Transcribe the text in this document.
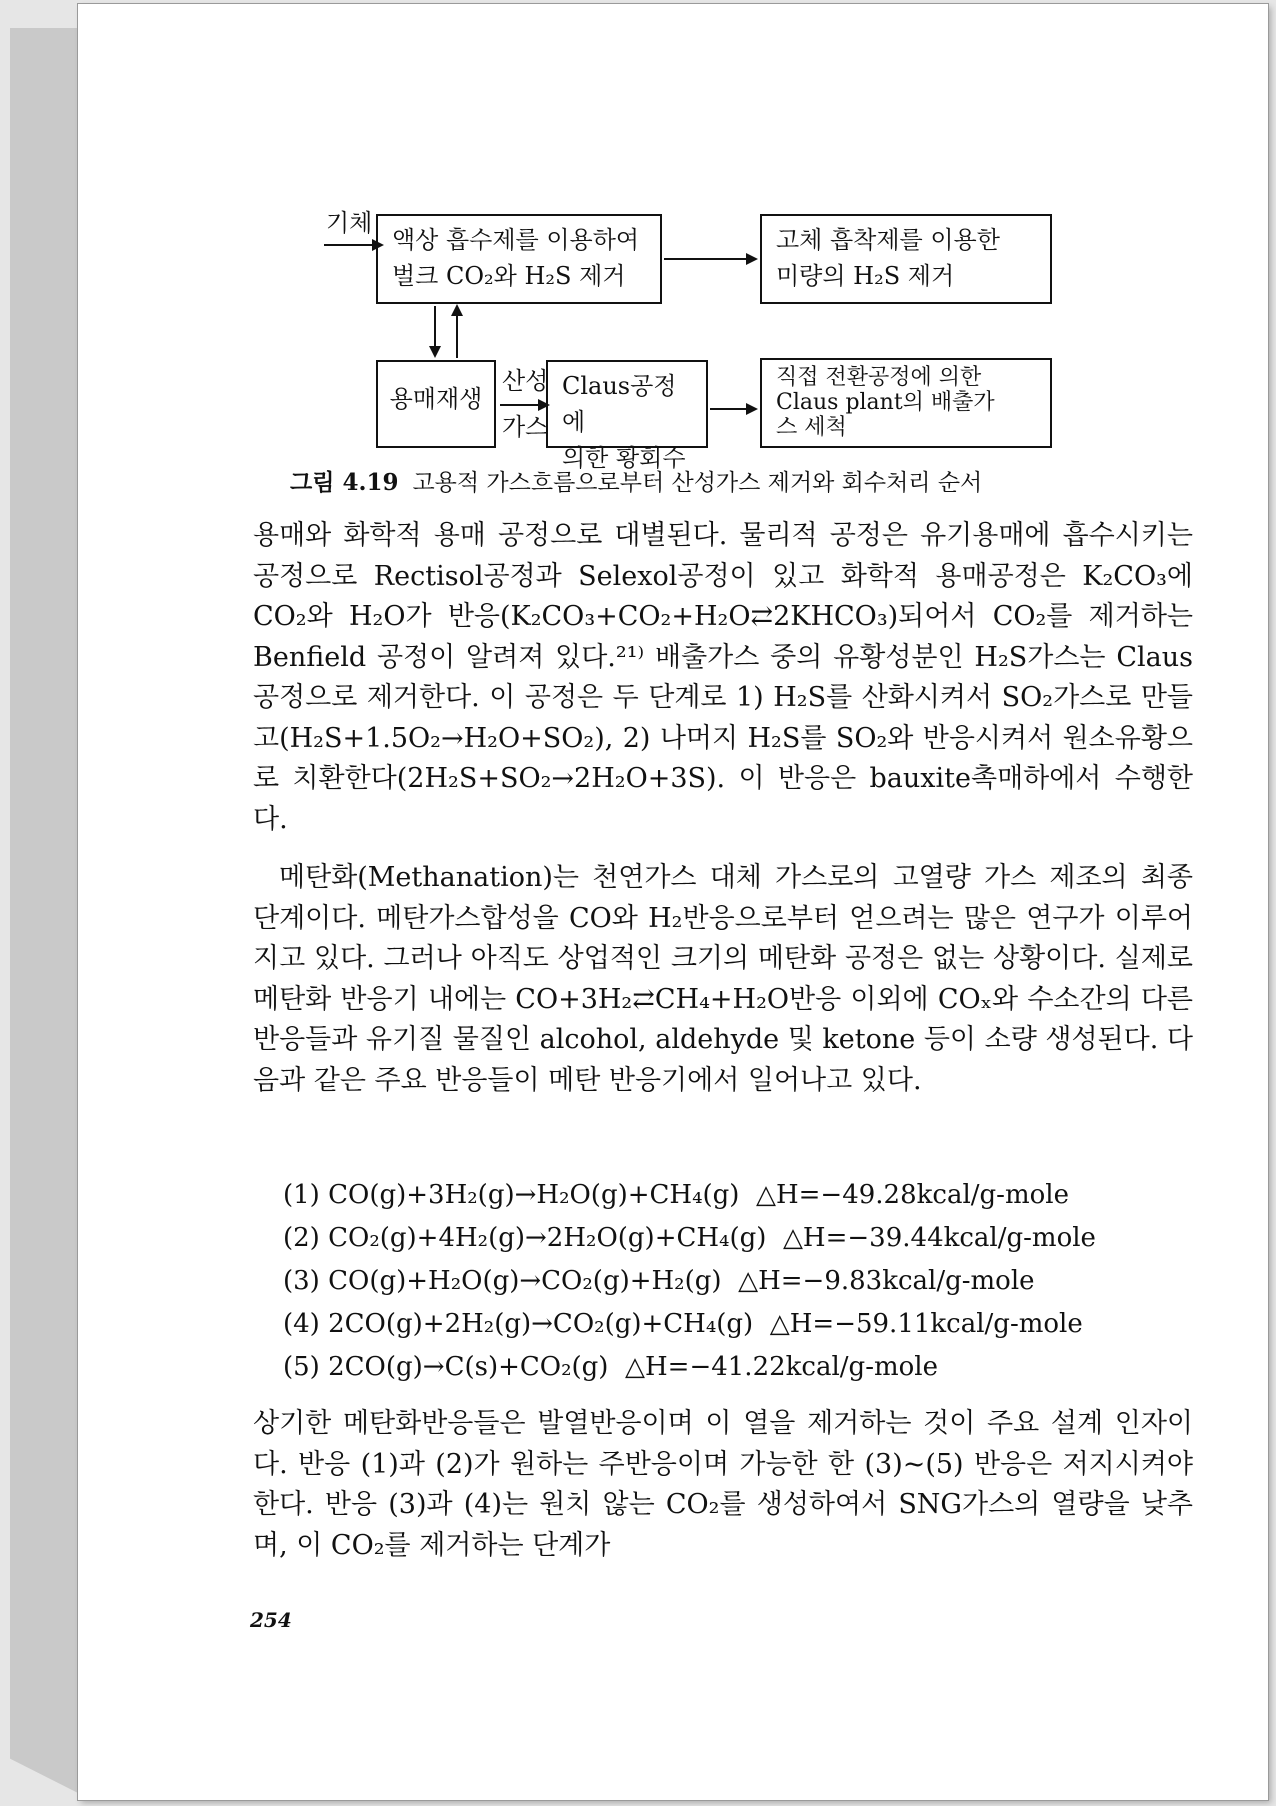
기체
액상 흡수제를 이용하여
벌크 CO₂와 H₂S 제거
고체 흡착제를 이용한
미량의 H₂S 제거
용매재생
산성
가스
Claus공정에
의한 황회수
직접 전환공정에 의한
Claus plant의 배출가
스 세척
그림 4.19 고용적 가스흐름으로부터 산성가스 제거와 회수처리 순서

용매와 화학적 용매 공정으로 대별된다. 물리적 공정은 유기용매에 흡수시키는 공정으로 Rectisol공정과 Selexol공정이 있고 화학적 용매공정은 K₂CO₃에 CO₂와 H₂O가 반응(K₂CO₃+CO₂+H₂O⇄2KHCO₃)되어서 CO₂를 제거하는 Benfield 공정이 알려져 있다.²¹⁾ 배출가스 중의 유황성분인 H₂S가스는 Claus공정으로 제거한다. 이 공정은 두 단계로 1) H₂S를 산화시켜서 SO₂가스로 만들고(H₂S+1.5O₂→H₂O+SO₂), 2) 나머지 H₂S를 SO₂와 반응시켜서 원소유황으로 치환한다(2H₂S+SO₂→2H₂O+3S). 이 반응은 bauxite촉매하에서 수행한다.

메탄화(Methanation)는 천연가스 대체 가스로의 고열량 가스 제조의 최종 단계이다. 메탄가스합성을 CO와 H₂반응으로부터 얻으려는 많은 연구가 이루어지고 있다. 그러나 아직도 상업적인 크기의 메탄화 공정은 없는 상황이다. 실제로 메탄화 반응기 내에는 CO+3H₂⇄CH₄+H₂O반응 이외에 COₓ와 수소간의 다른 반응들과 유기질 물질인 alcohol, aldehyde 및 ketone 등이 소량 생성된다. 다음과 같은 주요 반응들이 메탄 반응기에서 일어나고 있다.

(1) CO(g)+3H₂(g)→H₂O(g)+CH₄(g) △H=−49.28kcal/g-mole
(2) CO₂(g)+4H₂(g)→2H₂O(g)+CH₄(g) △H=−39.44kcal/g-mole
(3) CO(g)+H₂O(g)→CO₂(g)+H₂(g) △H=−9.83kcal/g-mole
(4) 2CO(g)+2H₂(g)→CO₂(g)+CH₄(g) △H=−59.11kcal/g-mole
(5) 2CO(g)→C(s)+CO₂(g) △H=−41.22kcal/g-mole

상기한 메탄화반응들은 발열반응이며 이 열을 제거하는 것이 주요 설계 인자이다. 반응 (1)과 (2)가 원하는 주반응이며 가능한 한 (3)~(5) 반응은 저지시켜야 한다. 반응 (3)과 (4)는 원치 않는 CO₂를 생성하여서 SNG가스의 열량을 낮추며, 이 CO₂를 제거하는 단계가

254
